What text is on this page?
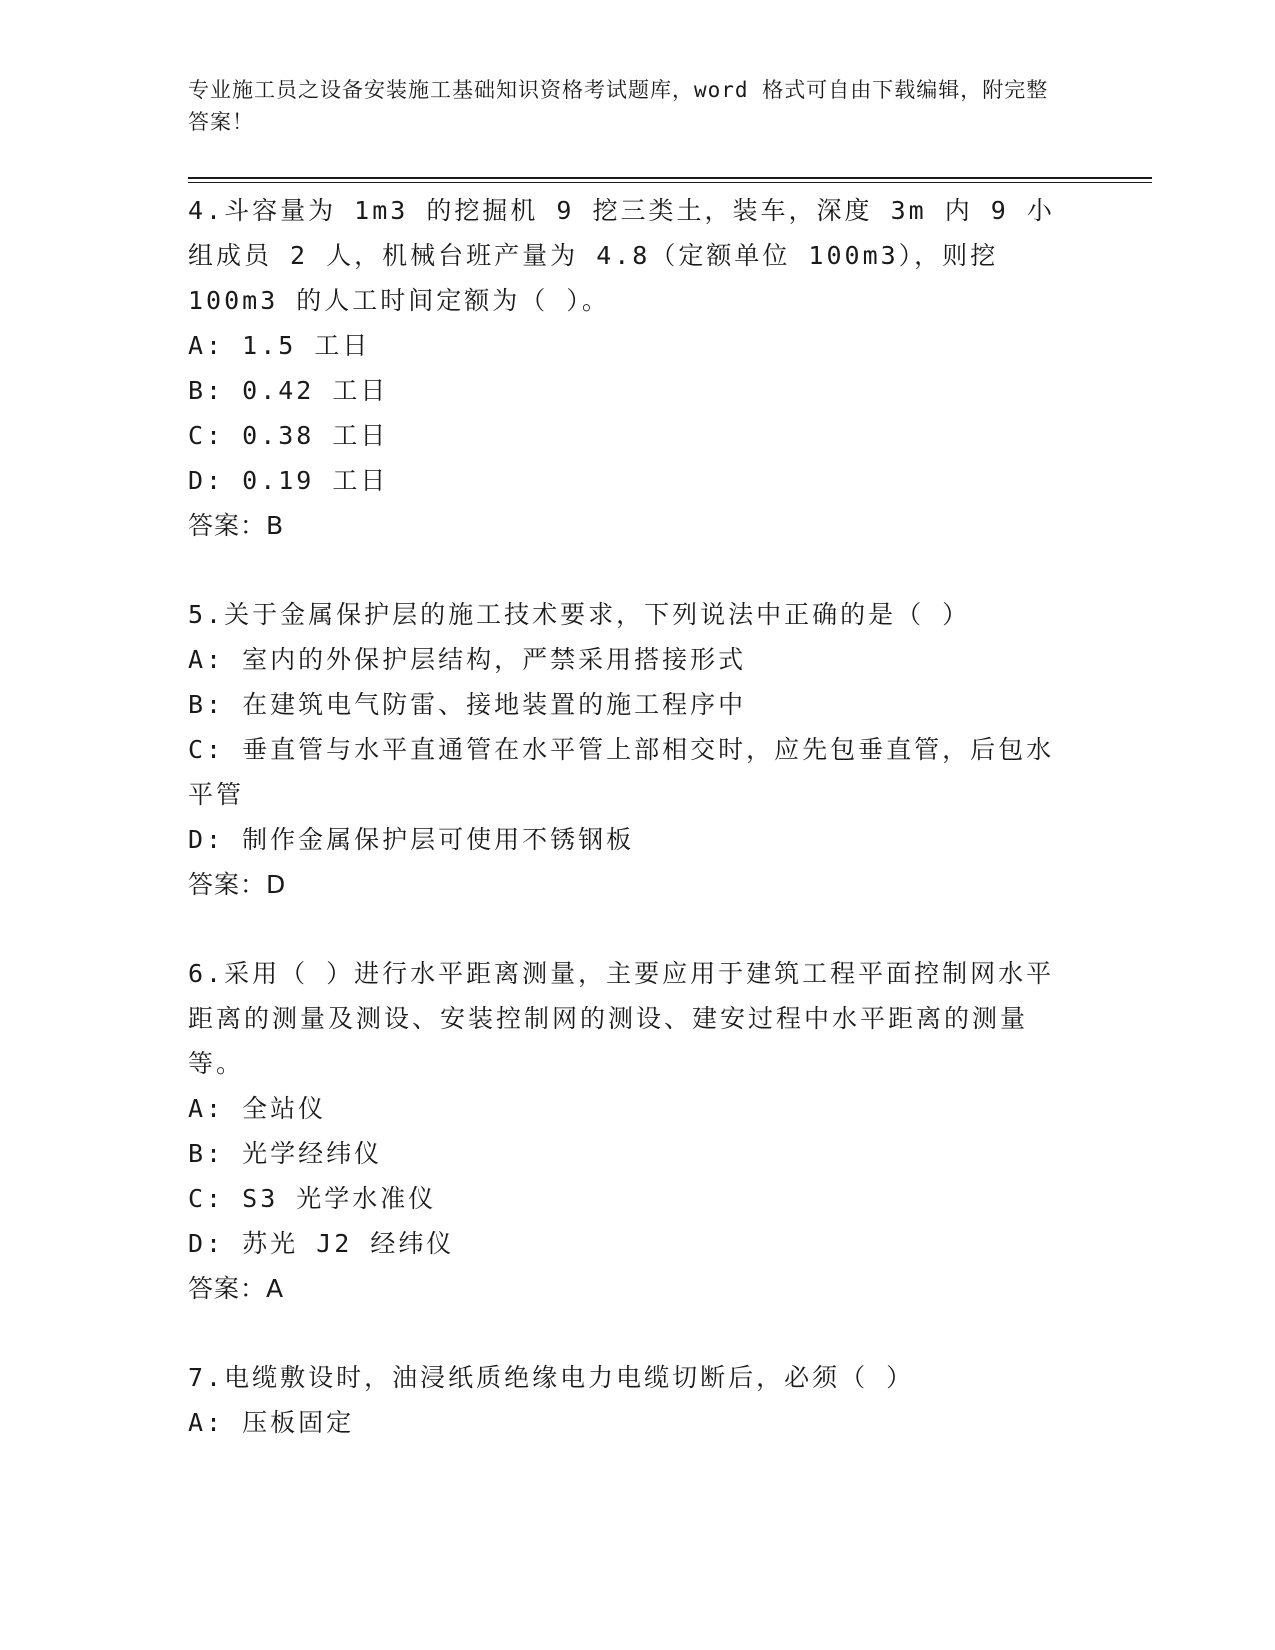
专业施工员之设备安装施工基础知识资格考试题库，word 格式可自由下载编辑，附完整答案！

4.斗容量为 1m3 的挖掘机 9 挖三类土，装车，深度 3m 内 9 小组成员 2 人，机械台班产量为 4.8（定额单位 100m3），则挖 100m3 的人工时间定额为（ ）。

A: 1.5 工日

B: 0.42 工日

C: 0.38 工日

D: 0.19 工日

答案：B

5.关于金属保护层的施工技术要求，下列说法中正确的是（ ）

A: 室内的外保护层结构，严禁采用搭接形式

B: 在建筑电气防雷、接地装置的施工程序中

C: 垂直管与水平直通管在水平管上部相交时，应先包垂直管，后包水平管

D: 制作金属保护层可使用不锈钢板

答案：D

6.采用（ ）进行水平距离测量，主要应用于建筑工程平面控制网水平距离的测量及测设、安装控制网的测设、建安过程中水平距离的测量等。

A: 全站仪

B: 光学经纬仪

C: S3 光学水准仪

D: 苏光 J2 经纬仪

答案：A

7.电缆敷设时，油浸纸质绝缘电力电缆切断后，必须（ ）

A: 压板固定
